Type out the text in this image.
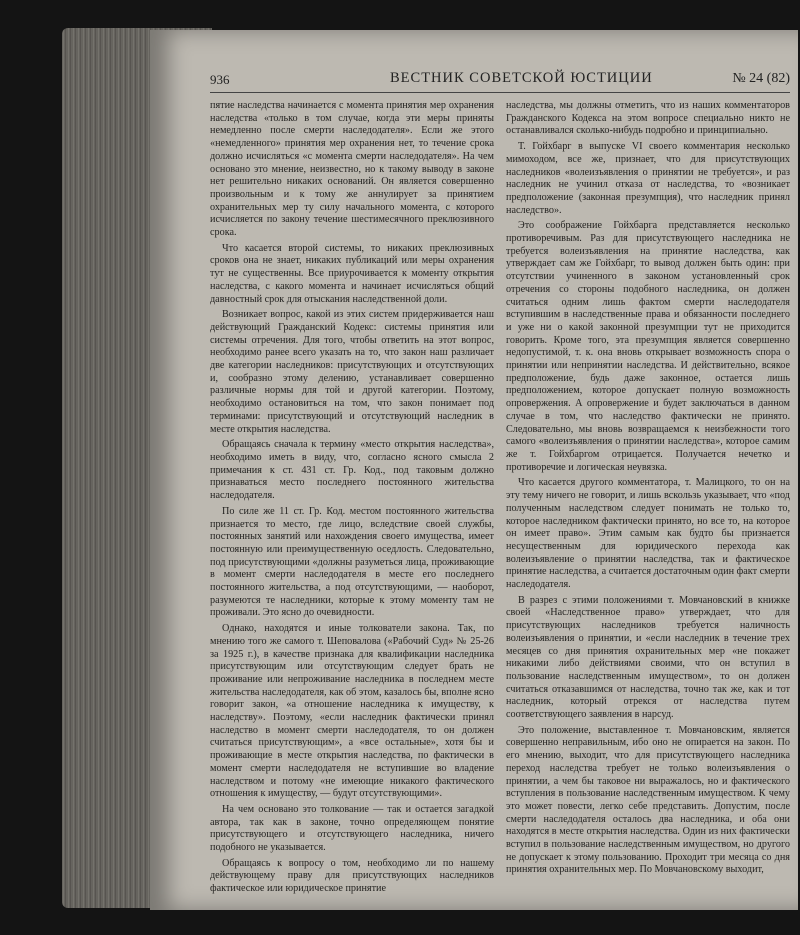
936	ВЕСТНИК СОВЕТСКОЙ ЮСТИЦИИ	№ 24 (82)

пятие наследства начинается с момента принятия мер охранения наследства «только в том случае, когда эти меры приняты немедленно после смерти наследодателя». Если же этого «немедленного» принятия мер охранения нет, то течение срока должно исчисляться «с момента смерти наследодателя». На чем основано это мнение, неизвестно, но к такому выводу в законе нет решительно никаких оснований. Он является совершенно произвольным и к тому же аннулирует за принятием охранительных мер ту силу начального момента, с которого исчисляется по закону течение шестимесячного преклюзивного срока.

Что касается второй системы, то никаких преклюзивных сроков она не знает, никаких публикаций или меры охранения тут не существенны. Все приурочивается к моменту открытия наследства, с какого момента и начинает исчисляться общий давностный срок для отыскания наследственной доли.

Возникает вопрос, какой из этих систем придерживается наш действующий Гражданский Кодекс: системы принятия или системы отречения. Для того, чтобы ответить на этот вопрос, необходимо ранее всего указать на то, что закон наш различает две категории наследников: присутствующих и отсутствующих и, сообразно этому делению, устанавливает совершенно различные нормы для той и другой категории. Поэтому, необходимо остановиться на том, что закон понимает под терминами: присутствующий и отсутствующий наследник в месте открытия наследства.

Обращаясь сначала к термину «место открытия наследства», необходимо иметь в виду, что, согласно ясного смысла 2 примечания к ст. 431 ст. Гр. Код., под таковым должно признаваться место последнего постоянного жительства наследодателя.

По силе же 11 ст. Гр. Код. местом постоянного жительства признается то место, где лицо, вследствие своей службы, постоянных занятий или нахождения своего имущества, имеет постоянную или преимущественную оседлость. Следовательно, под присутствующими «должны разуметься лица, проживающие в момент смерти наследодателя в месте его последнего постоянного жительства, а под отсутствующими, — наоборот, разумеются те наследники, которые к этому моменту там не проживали. Это ясно до очевидности.

Однако, находятся и иные толкователи закона. Так, по мнению того же самого т. Шеповалова («Рабочий Суд» № 25-26 за 1925 г.), в качестве признака для квалификации наследника присутствующим или отсутствующим следует брать не проживание или непроживание наследника в последнем месте жительства наследодателя, как об этом, казалось бы, вполне ясно говорит закон, «а отношение наследника к имуществу, к наследству». Поэтому, «если наследник фактически принял наследство в момент смерти наследодателя, то он должен считаться присутствующим», а «все остальные», хотя бы и проживающие в месте открытия наследства, по фактически в момент смерти наследодателя не вступившие во владение наследством и потому «не имеющие никакого фактического отношения к имуществу, — будут отсутствующими».

На чем основано это толкование — так и остается загадкой автора, так как в законе, точно определяющем понятие присутствующего и отсутствующего наследника, ничего подобного не указывается.

Обращаясь к вопросу о том, необходимо ли по нашему действующему праву для присутствующих наследников фактическое или юридическое принятие

наследства, мы должны отметить, что из наших комментаторов Гражданского Кодекса на этом вопросе специально никто не останавливался сколько-нибудь подробно и принципиально.

Т. Гойхбарг в выпуске VI своего комментария несколько мимоходом, все же, признает, что для присутствующих наследников «волеизъявления о принятии не требуется», и раз наследник не учинил отказа от наследства, то «возникает предположение (законная презумпция), что наследник принял наследство».

Это соображение Гойхбарга представляется несколько противоречивым. Раз для присутствующего наследника не требуется волеизъявления на принятие наследства, как утверждает сам же Гойхбарг, то вывод должен быть один: при отсутствии учиненного в законом установленный срок отречения со стороны подобного наследника, он должен считаться одним лишь фактом смерти наследодателя вступившим в наследственные права и обязанности последнего и уже ни о какой законной презумпции тут не приходится говорить. Кроме того, эта презумпция является совершенно недопустимой, т. к. она вновь открывает возможность спора о принятии или непринятии наследства. И действительно, всякое предположение, будь даже законное, остается лишь предположением, которое допускает полную возможность опровержения. А опровержение и будет заключаться в данном случае в том, что наследство фактически не принято. Следовательно, мы вновь возвращаемся к неизбежности того самого «волеизъявления о принятии наследства», которое самим же т. Гойхбаргом отрицается. Получается нечетко и противоречие и логическая неувязка.

Что касается другого комментатора, т. Малицкого, то он на эту тему ничего не говорит, и лишь вскользь указывает, что «под полученным наследством следует понимать не только то, которое наследником фактически принято, но все то, на которое он имеет право». Этим самым как будто бы признается несущественным для юридического перехода как волеизъявление о принятии наследства, так и фактическое принятие наследства, а считается достаточным один факт смерти наследодателя.

В разрез с этими положениями т. Мовчановский в книжке своей «Наследственное право» утверждает, что для присутствующих наследников требуется наличность волеизъявления о принятии, и «если наследник в течение трех месяцев со дня принятия охранительных мер «не покажет никакими либо действиями своими, что он вступил в пользование наследственным имуществом», то он должен считаться отказавшимся от наследства, точно так же, как и тот наследник, который отрекся от наследства путем соответствующего заявления в нарсуд.

Это положение, выставленное т. Мовчановским, является совершенно неправильным, ибо оно не опирается на закон. По его мнению, выходит, что для присутствующего наследника переход наследства требует не только волеизъявления о принятии, а чем бы таковое ни выражалось, но и фактического вступления в пользование наследственным имуществом. К чему это может повести, легко себе представить. Допустим, после смерти наследодателя осталось два наследника, и оба они находятся в месте открытия наследства. Один из них фактически вступил в пользование наследственным имуществом, но другого не допускает к этому пользованию. Проходит три месяца со дня принятия охранительных мер. По Мовчановскому выходит,
